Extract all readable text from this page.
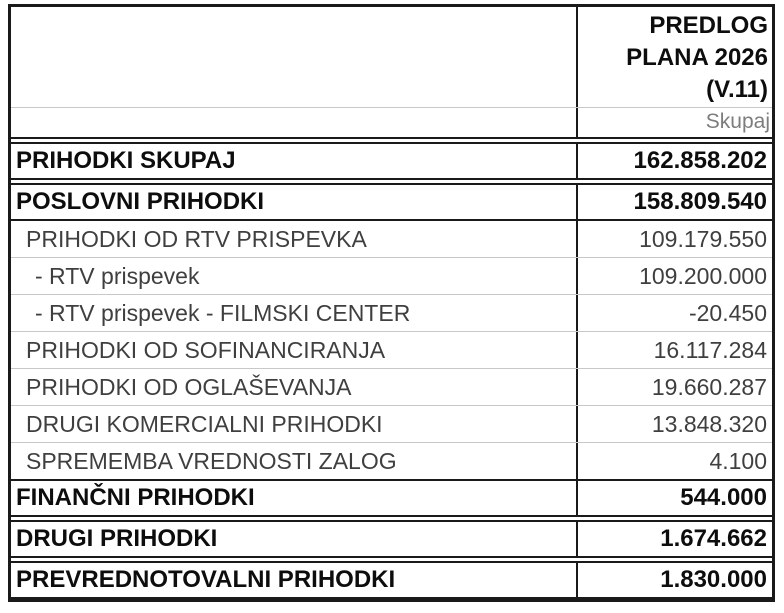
PREDLOG
PLANA 2026
(V.11)
Skupaj
PRIHODKI SKUPAJ	162.858.202
POSLOVNI PRIHODKI	158.809.540
PRIHODKI OD RTV PRISPEVKA	109.179.550
- RTV prispevek	109.200.000
- RTV prispevek - FILMSKI CENTER	-20.450
PRIHODKI OD SOFINANCIRANJA	16.117.284
PRIHODKI OD OGLAŠEVANJA	19.660.287
DRUGI KOMERCIALNI PRIHODKI	13.848.320
SPREMEMBA VREDNOSTI ZALOG	4.100
FINANČNI PRIHODKI	544.000
DRUGI PRIHODKI	1.674.662
PREVREDNOTOVALNI PRIHODKI	1.830.000
